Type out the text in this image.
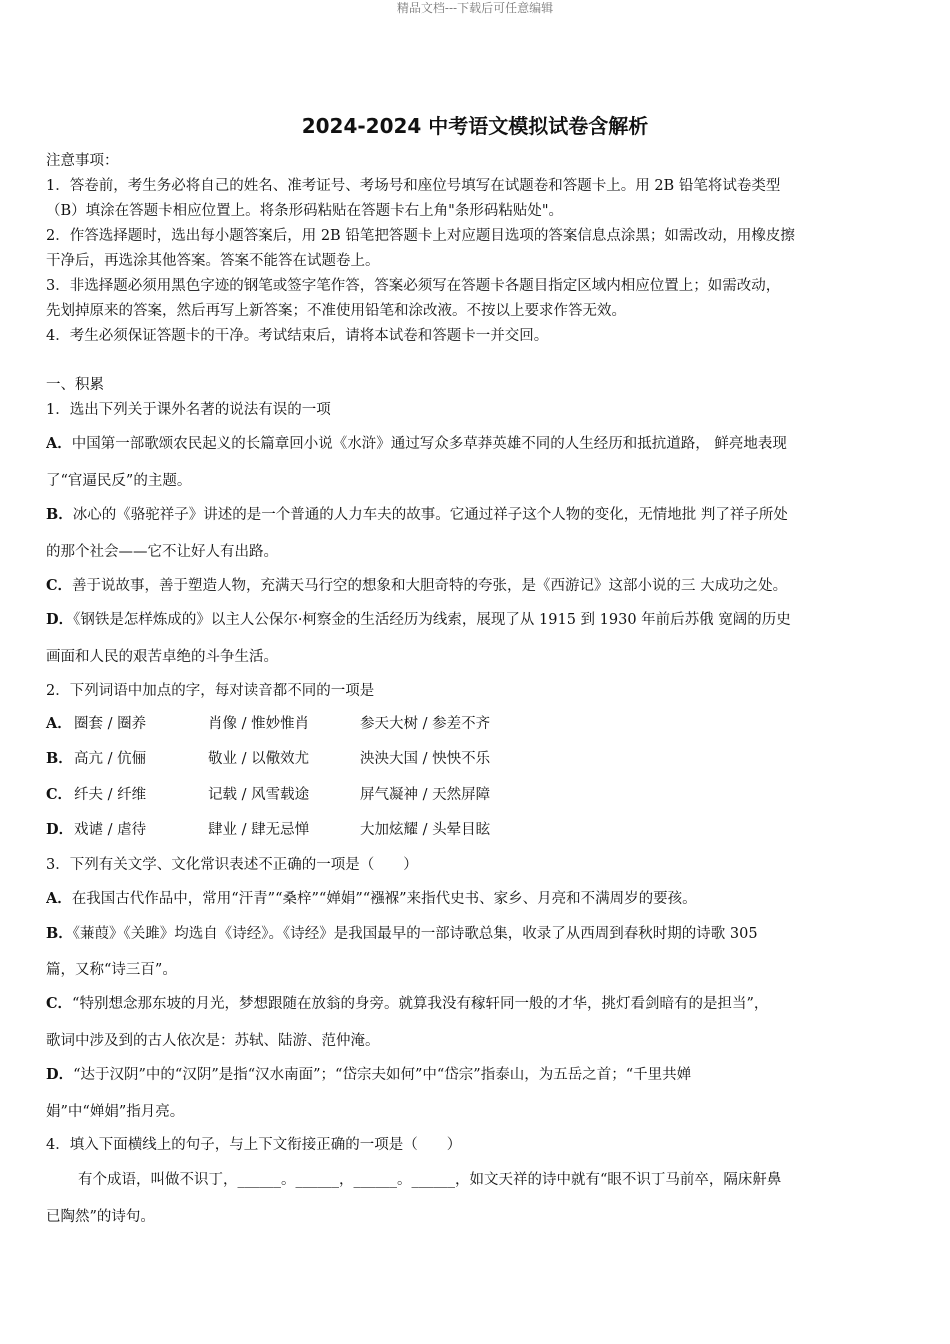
精品文档---下载后可任意编辑
2024-2024 中考语文模拟试卷含解析
注意事项：
1．答卷前，考生务必将自己的姓名、准考证号、考场号和座位号填写在试题卷和答题卡上。用 2B 铅笔将试卷类型
（B）填涂在答题卡相应位置上。将条形码粘贴在答题卡右上角"条形码粘贴处"。
2．作答选择题时，选出每小题答案后，用 2B 铅笔把答题卡上对应题目选项的答案信息点涂黑；如需改动，用橡皮擦
干净后，再选涂其他答案。答案不能答在试题卷上。
3．非选择题必须用黑色字迹的钢笔或签字笔作答，答案必须写在答题卡各题目指定区域内相应位置上；如需改动，
先划掉原来的答案，然后再写上新答案；不准使用铅笔和涂改液。不按以上要求作答无效。
4．考生必须保证答题卡的干净。考试结束后，请将本试卷和答题卡一并交回。
一、积累
1．选出下列关于课外名著的说法有误的一项
A．中国第一部歌颂农民起义的长篇章回小说《水浒》通过写众多草莽英雄不同的人生经历和抵抗道路， 鲜亮地表现
了“官逼民反”的主题。
B．冰心的《骆驼祥子》讲述的是一个普通的人力车夫的故事。它通过祥子这个人物的变化，无情地批 判了祥子所处
的那个社会——它不让好人有出路。
C．善于说故事，善于塑造人物，充满天马行空的想象和大胆奇特的夸张，是《西游记》这部小说的三 大成功之处。
D．《钢铁是怎样炼成的》以主人公保尔·柯察金的生活经历为线索，展现了从 1915 到 1930 年前后苏俄 宽阔的历史
画面和人民的艰苦卓绝的斗争生活。
2．下列词语中加点的字，每对读音都不同的一项是
A． 圈套 / 圈养	肖像 / 惟妙惟肖	参天大树 / 参差不齐
B． 高亢 / 伉俪	敬业 / 以儆效尤	泱泱大国 / 怏怏不乐
C． 纤夫 / 纤维	记载 / 风雪载途	屏气凝神 / 天然屏障
D． 戏谑 / 虐待	肆业 / 肆无忌惮	大加炫耀 / 头晕目眩
3．下列有关文学、文化常识表述不正确的一项是（　　）
A．在我国古代作品中，常用“汗青”“桑梓”“婵娟”“襁褓”来指代史书、家乡、月亮和不满周岁的要孩。
B．《蒹葭》《关雎》均选自《诗经》。《诗经》是我国最早的一部诗歌总集，收录了从西周到春秋时期的诗歌 305
篇，又称“诗三百”。
C．“特别想念那东坡的月光，梦想跟随在放翁的身旁。就算我没有稼轩同一般的才华，挑灯看剑暗有的是担当”，
歌词中涉及到的古人依次是：苏轼、陆游、范仲淹。
D．“达于汉阴”中的“汉阴”是指“汉水南面”；“岱宗夫如何”中“岱宗”指泰山，为五岳之首；“千里共婵
娟”中“婵娟”指月亮。
4．填入下面横线上的句子，与上下文衔接正确的一项是（　　）
有个成语，叫做不识丁，______。______，______。______，如文天祥的诗中就有“眼不识丁马前卒，隔床鼾鼻
已陶然”的诗句。
